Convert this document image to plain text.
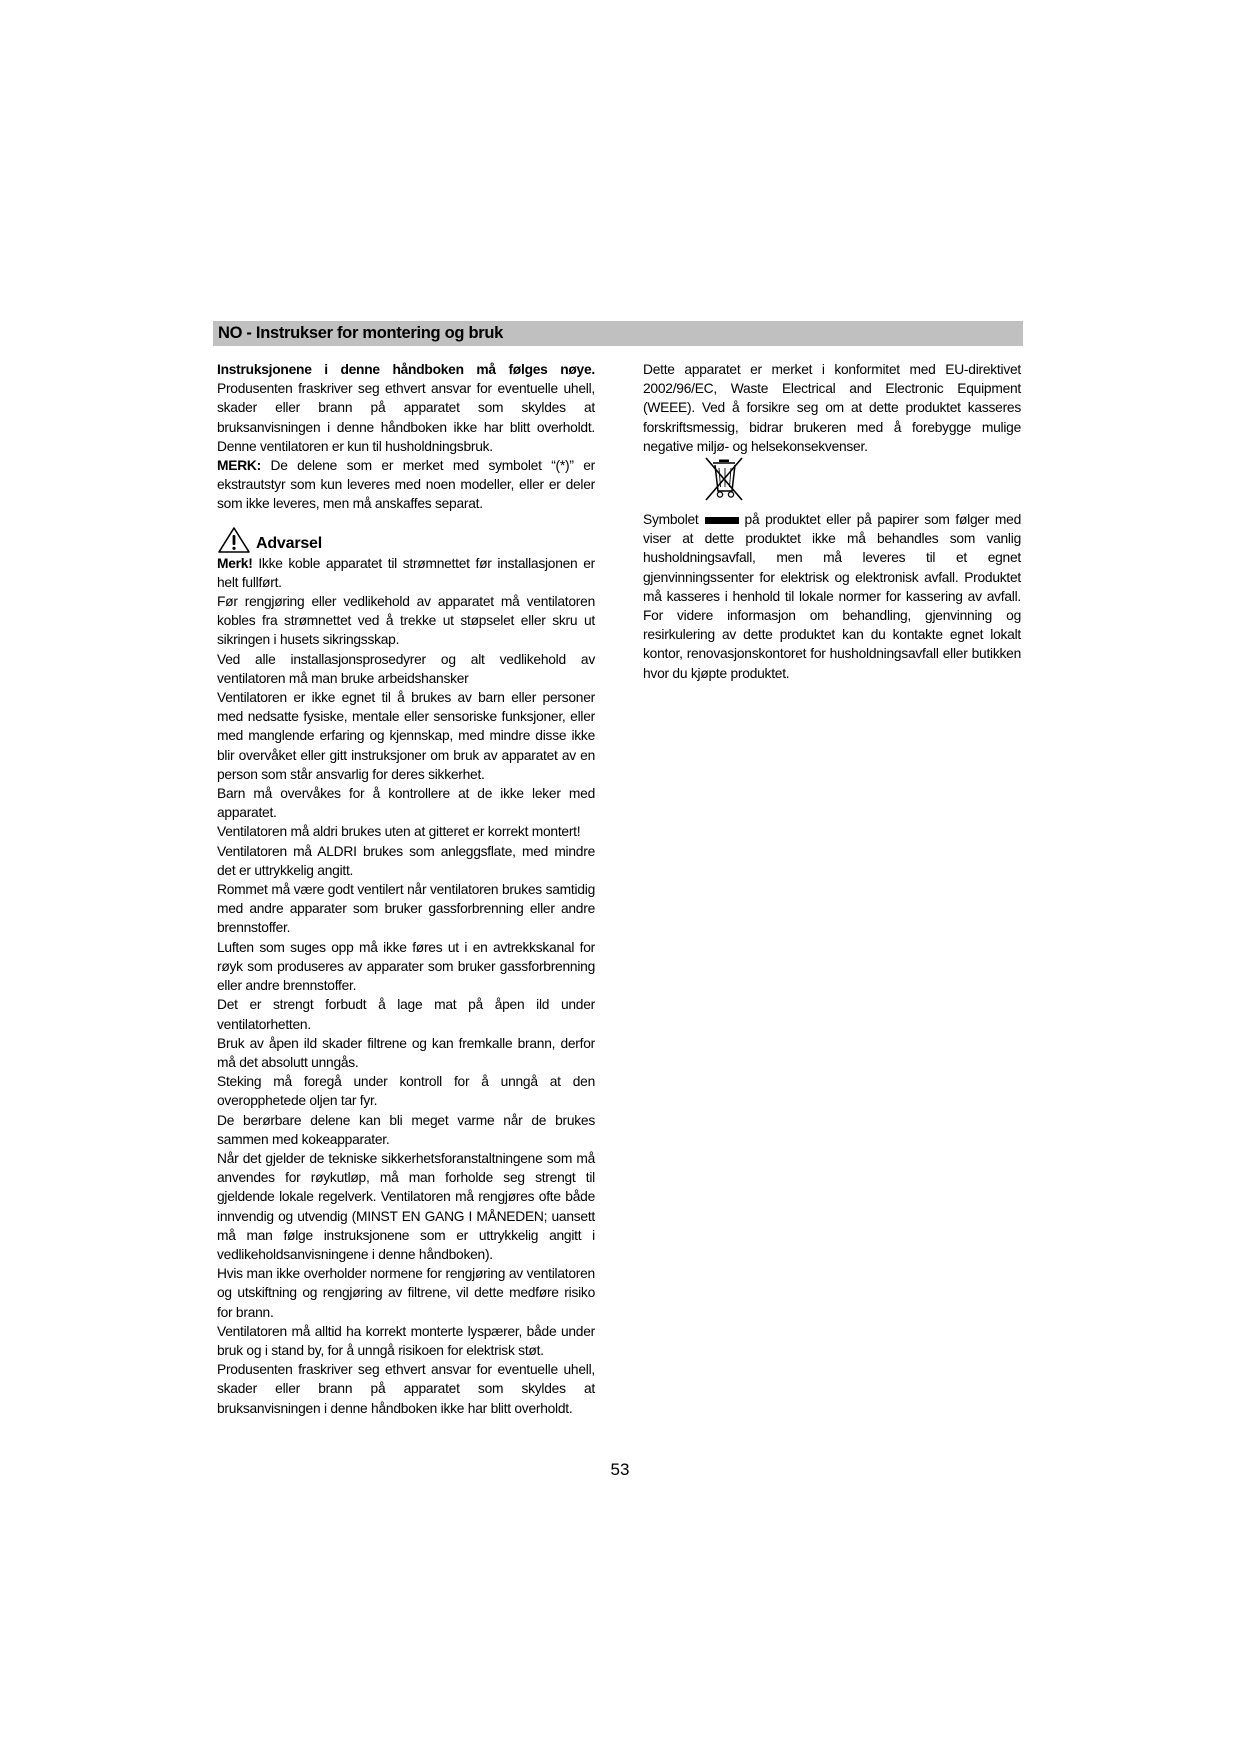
NO - Instrukser for montering og bruk

Instruksjonene i denne håndboken må følges nøye. Produsenten fraskriver seg ethvert ansvar for eventuelle uhell, skader eller brann på apparatet som skyldes at bruksanvisningen i denne håndboken ikke har blitt overholdt. Denne ventilatoren er kun til husholdningsbruk.

MERK: De delene som er merket med symbolet “(*)” er ekstrautstyr som kun leveres med noen modeller, eller er deler som ikke leveres, men må anskaffes separat.

Advarsel

Merk! Ikke koble apparatet til strømnettet før installasjonen er helt fullført.

Før rengjøring eller vedlikehold av apparatet må ventilatoren kobles fra strømnettet ved å trekke ut støpselet eller skru ut sikringen i husets sikringsskap.

Ved alle installasjonsprosedyrer og alt vedlikehold av ventilatoren må man bruke arbeidshansker

Ventilatoren er ikke egnet til å brukes av barn eller personer med nedsatte fysiske, mentale eller sensoriske funksjoner, eller med manglende erfaring og kjennskap, med mindre disse ikke blir overvåket eller gitt instruksjoner om bruk av apparatet av en person som står ansvarlig for deres sikkerhet.

Barn må overvåkes for å kontrollere at de ikke leker med apparatet.

Ventilatoren må aldri brukes uten at gitteret er korrekt montert!

Ventilatoren må ALDRI brukes som anleggsflate, med mindre det er uttrykkelig angitt.

Rommet må være godt ventilert når ventilatoren brukes samtidig med andre apparater som bruker gassforbrenning eller andre brennstoffer.

Luften som suges opp må ikke føres ut i en avtrekkskanal for røyk som produseres av apparater som bruker gassforbrenning eller andre brennstoffer.

Det er strengt forbudt å lage mat på åpen ild under ventilatorhetten.

Bruk av åpen ild skader filtrene og kan fremkalle brann, derfor må det absolutt unngås.

Steking må foregå under kontroll for å unngå at den overopphetede oljen tar fyr.

De berørbare delene kan bli meget varme når de brukes sammen med kokeapparater.

Når det gjelder de tekniske sikkerhetsforanstaltningene som må anvendes for røykutløp, må man forholde seg strengt til gjeldende lokale regelverk. Ventilatoren må rengjøres ofte både innvendig og utvendig (MINST EN GANG I MÅNEDEN; uansett må man følge instruksjonene som er uttrykkelig angitt i vedlikeholdsanvisningene i denne håndboken).

Hvis man ikke overholder normene for rengjøring av ventilatoren og utskiftning og rengjøring av filtrene, vil dette medføre risiko for brann.

Ventilatoren må alltid ha korrekt monterte lyspærer, både under bruk og i stand by, for å unngå risikoen for elektrisk støt.

Produsenten fraskriver seg ethvert ansvar for eventuelle uhell, skader eller brann på apparatet som skyldes at bruksanvisningen i denne håndboken ikke har blitt overholdt.

Dette apparatet er merket i konformitet med EU-direktivet 2002/96/EC, Waste Electrical and Electronic Equipment (WEEE). Ved å forsikre seg om at dette produktet kasseres forskriftsmessig, bidrar brukeren med å forebygge mulige negative miljø- og helsekonsekvenser.

Symbolet	på produktet eller på papirer som følger med viser at dette produktet ikke må behandles som vanlig husholdningsavfall, men må leveres til et egnet gjenvinningssenter for elektrisk og elektronisk avfall. Produktet må kasseres i henhold til lokale normer for kassering av avfall. For videre informasjon om behandling, gjenvinning og resirkulering av dette produktet kan du kontakte egnet lokalt kontor, renovasjonskontoret for husholdningsavfall eller butikken hvor du kjøpte produktet.

53
